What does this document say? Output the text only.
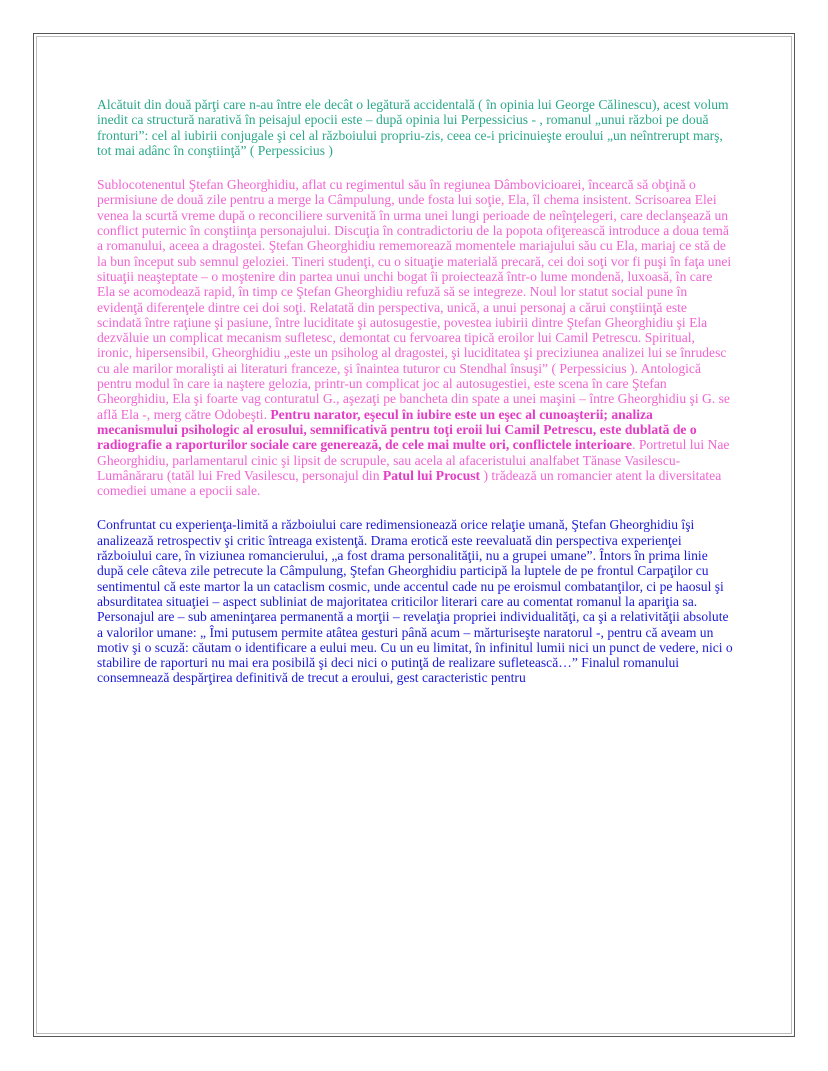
Alcătuit din două părţi care n-au între ele decât o legătură accidentală ( în opinia lui George Călinescu), acest volum inedit ca structură narativă în peisajul epocii este – după opinia lui Perpessicius - , romanul „unui război pe două fronturi”: cel al iubirii conjugale şi cel al războiului propriu-zis, ceea ce-i pricinuieşte eroului „un neîntrerupt marş, tot mai adânc în conştiinţă” ( Perpessicius )

Sublocotenentul Ştefan Gheorghidiu, aflat cu regimentul său în regiunea Dâmbovicioarei, încearcă să obţină o permisiune de două zile pentru a merge la Câmpulung, unde fosta lui soţie, Ela, îl chema insistent. Scrisoarea Elei venea la scurtă vreme după o reconciliere survenită în urma unei lungi perioade de neînţelegeri, care declanşează un conflict puternic în conştiinţa personajului. Discuţia în contradictoriu de la popota ofiţerească introduce a doua temă a romanului, aceea a dragostei. Ştefan Gheorghidiu rememorează momentele mariajului său cu Ela, mariaj ce stă de la bun început sub semnul geloziei. Tineri studenţi, cu o situaţie materială precară, cei doi soţi vor fi puşi în faţa unei situaţii neaşteptate – o moştenire din partea unui unchi bogat îi proiectează într-o lume mondenă, luxoasă, în care Ela se acomodează rapid, în timp ce Ştefan Gheorghidiu refuză să se integreze. Noul lor statut social pune în evidenţă diferenţele dintre cei doi soţi. Relatată din perspectiva, unică, a unui personaj a cărui conştiinţă este scindată între raţiune şi pasiune, între luciditate şi autosugestie, povestea iubirii dintre Ştefan Gheorghidiu şi Ela dezvăluie un complicat mecanism sufletesc, demontat cu fervoarea tipică eroilor lui Camil Petrescu. Spiritual, ironic, hipersensibil, Gheorghidiu „este un psiholog al dragostei, şi luciditatea şi preciziunea analizei lui se înrudesc cu ale marilor moralişti ai literaturi franceze, şi înaintea tuturor cu Stendhal însuşi” ( Perpessicius ). Antologică pentru modul în care ia naştere gelozia, printr-un complicat joc al autosugestiei, este scena în care Ştefan Gheorghidiu, Ela şi foarte vag conturatul G., aşezaţi pe bancheta din spate a unei maşini – între Gheorghidiu şi G. se află Ela -, merg către Odobeşti. Pentru narator, eşecul în iubire este un eşec al cunoaşterii; analiza mecanismului psihologic al erosului, semnificativă pentru toţi eroii lui Camil Petrescu, este dublată de o radiografie a raporturilor sociale care generează, de cele mai multe ori, conflictele interioare. Portretul lui Nae Gheorghidiu, parlamentarul cinic şi lipsit de scrupule, sau acela al afaceristului analfabet Tănase Vasilescu-Lumânăraru (tatăl lui Fred Vasilescu, personajul din Patul lui Procust ) trădează un romancier atent la diversitatea comediei umane a epocii sale.

Confruntat cu experienţa-limită a războiului care redimensionează orice relaţie umană, Ştefan Gheorghidiu îşi analizează retrospectiv şi critic întreaga existenţă. Drama erotică este reevaluată din perspectiva experienţei războiului care, în viziunea romancierului, „a fost drama personalităţii, nu a grupei umane”. Întors în prima linie după cele câteva zile petrecute la Câmpulung, Ştefan Gheorghidiu participă la luptele de pe frontul Carpaţilor cu sentimentul că este martor la un cataclism cosmic, unde accentul cade nu pe eroismul combatanţilor, ci pe haosul şi absurditatea situaţiei – aspect subliniat de majoritatea criticilor literari care au comentat romanul la apariţia sa. Personajul are – sub ameninţarea permanentă a morţii – revelaţia propriei individualităţi, ca şi a relativităţii absolute a valorilor umane: „ Îmi putusem permite atâtea gesturi până acum – mărturiseşte naratorul -, pentru că aveam un motiv şi o scuză: căutam o identificare a eului meu. Cu un eu limitat, în infinitul lumii nici un punct de vedere, nici o stabilire de raporturi nu mai era posibilă şi deci nici o putinţă de realizare sufletească…” Finalul romanului consemnează despărţirea definitivă de trecut a eroului, gest caracteristic pentru
